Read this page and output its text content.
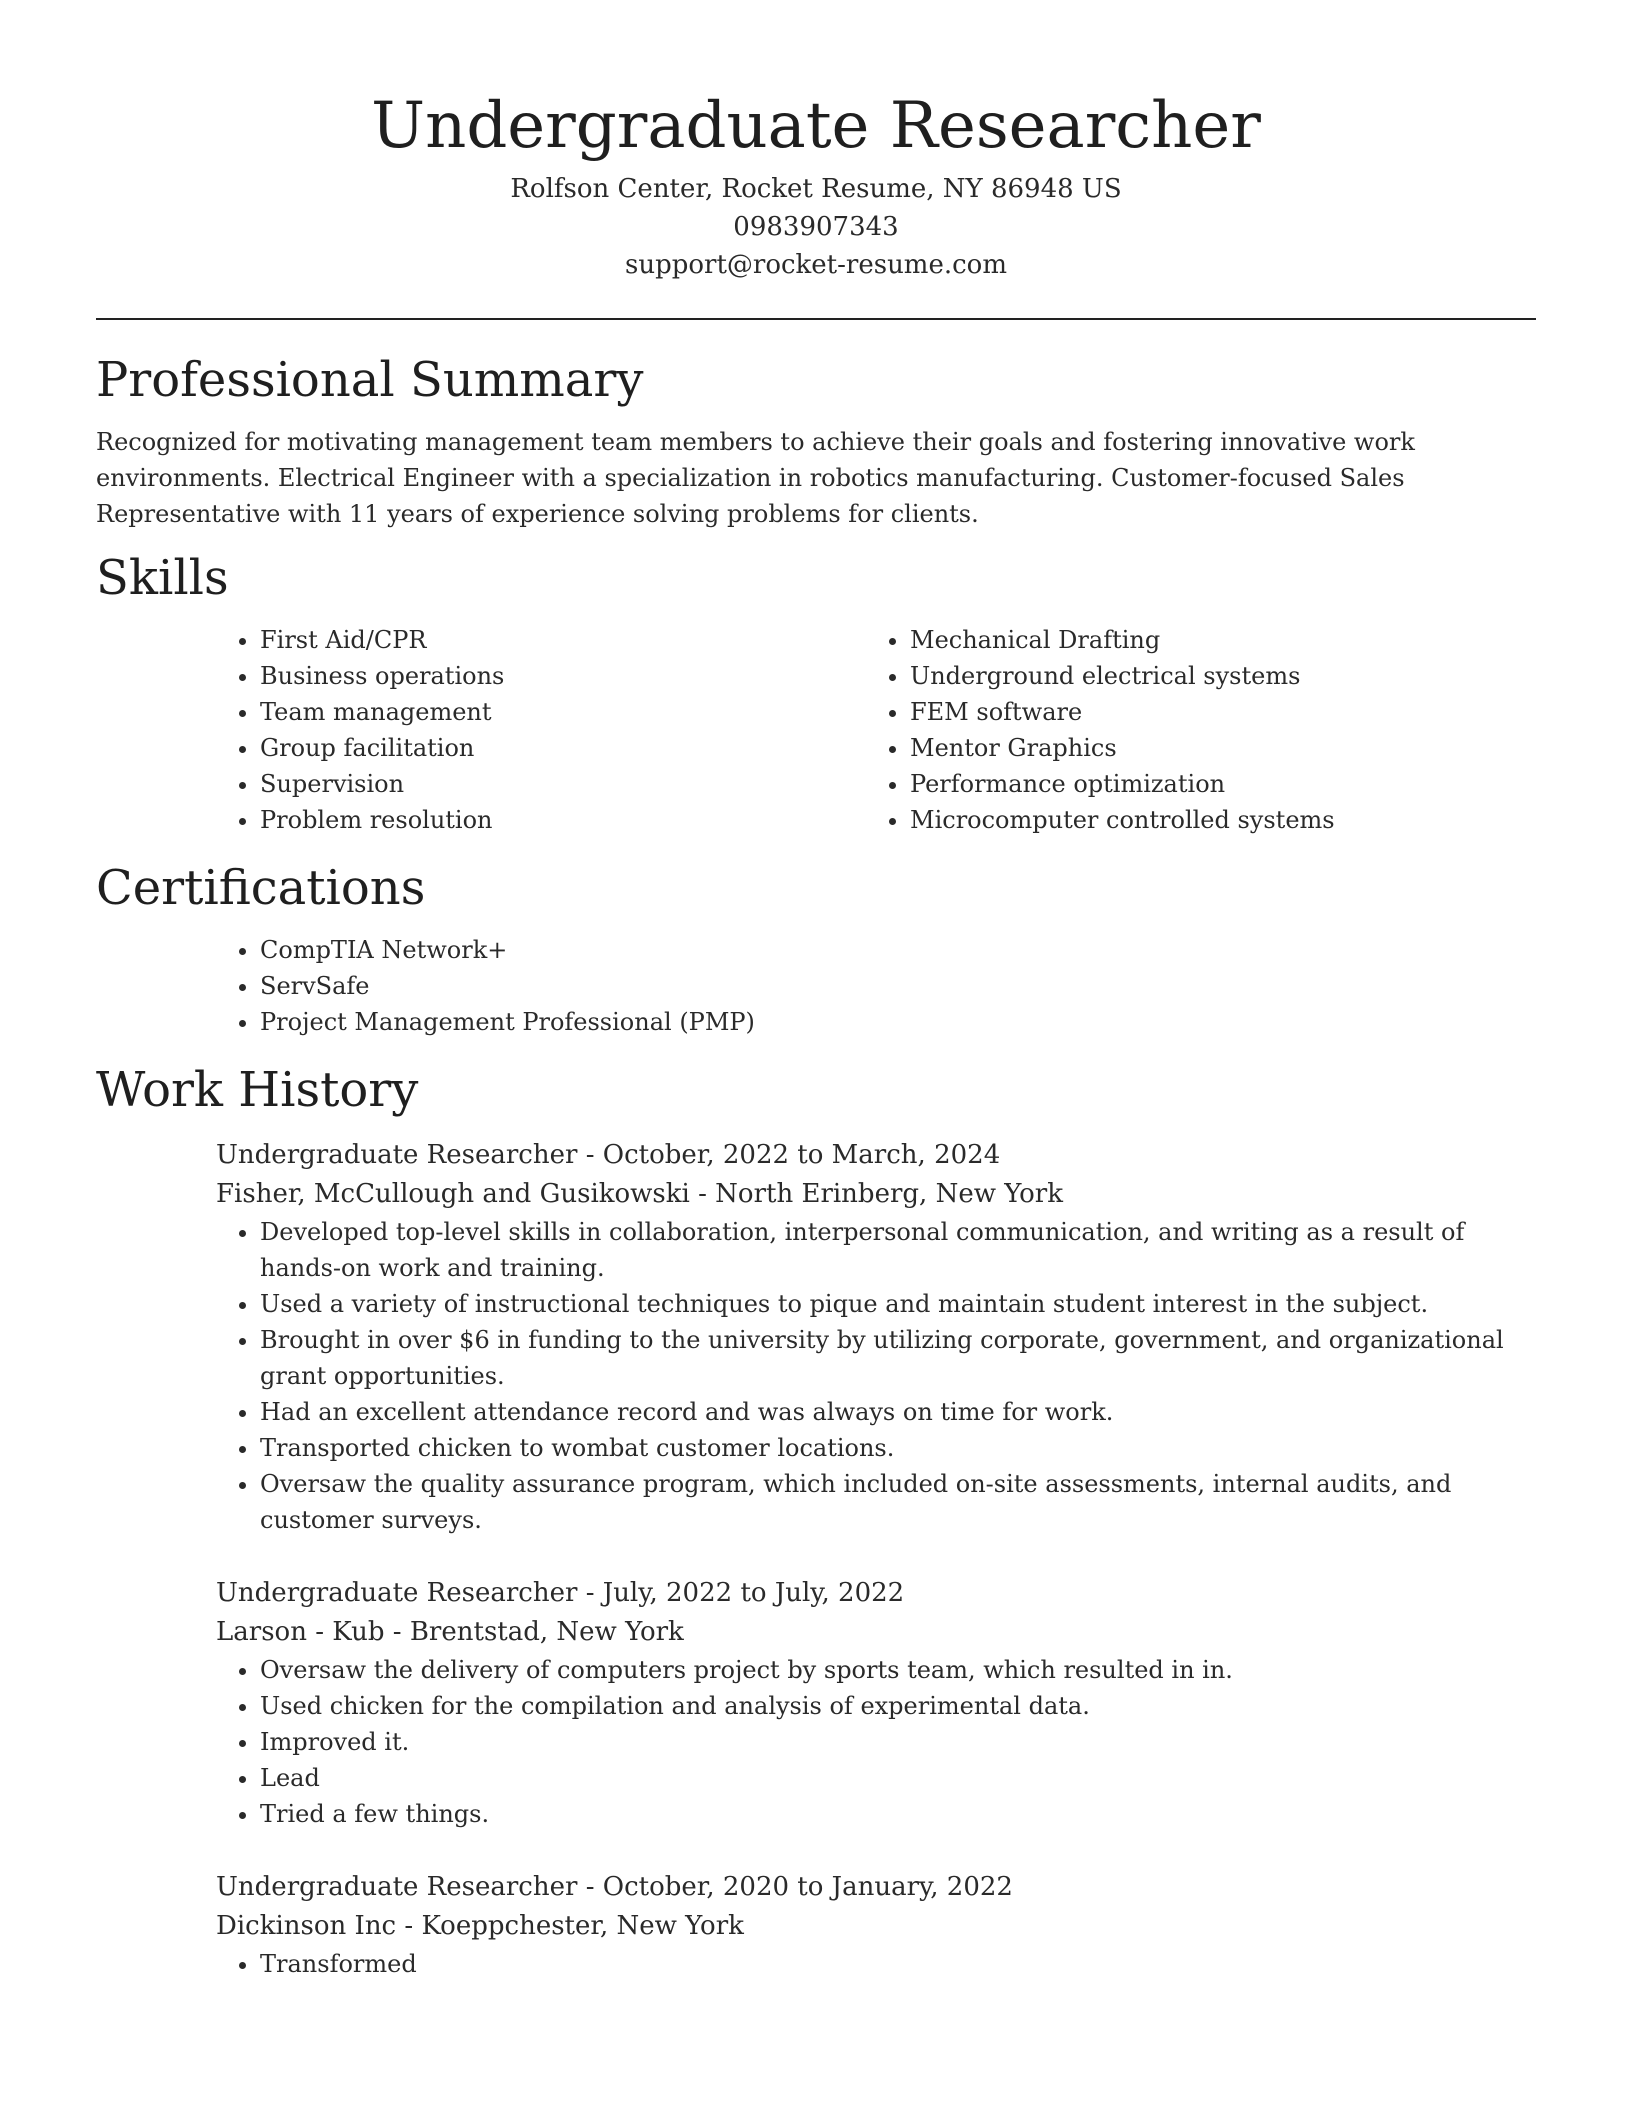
Undergraduate Researcher
Rolfson Center, Rocket Resume, NY 86948 US
0983907343
support@rocket-resume.com
Professional Summary

Recognized for motivating management team members to achieve their goals and fostering innovative work environments. Electrical Engineer with a specialization in robotics manufacturing. Customer-focused Sales Representative with 11 years of experience solving problems for clients.

Skills
• First Aid/CPR
• Business operations
• Team management
• Group facilitation
• Supervision
• Problem resolution
• Mechanical Drafting
• Underground electrical systems
• FEM software
• Mentor Graphics
• Performance optimization
• Microcomputer controlled systems
Certifications
• CompTIA Network+
• ServSafe
• Project Management Professional (PMP)
Work History
Undergraduate Researcher - October, 2022 to March, 2024
Fisher, McCullough and Gusikowski - North Erinberg, New York
• Developed top-level skills in collaboration, interpersonal communication, and writing as a result of hands-on work and training.
• Used a variety of instructional techniques to pique and maintain student interest in the subject.
• Brought in over $6 in funding to the university by utilizing corporate, government, and organizational grant opportunities.
• Had an excellent attendance record and was always on time for work.
• Transported chicken to wombat customer locations.
• Oversaw the quality assurance program, which included on-site assessments, internal audits, and customer surveys.
Undergraduate Researcher - July, 2022 to July, 2022
Larson - Kub - Brentstad, New York
• Oversaw the delivery of computers project by sports team, which resulted in in.
• Used chicken for the compilation and analysis of experimental data.
• Improved it.
• Lead
• Tried a few things.
Undergraduate Researcher - October, 2020 to January, 2022
Dickinson Inc - Koeppchester, New York
• Transformed
